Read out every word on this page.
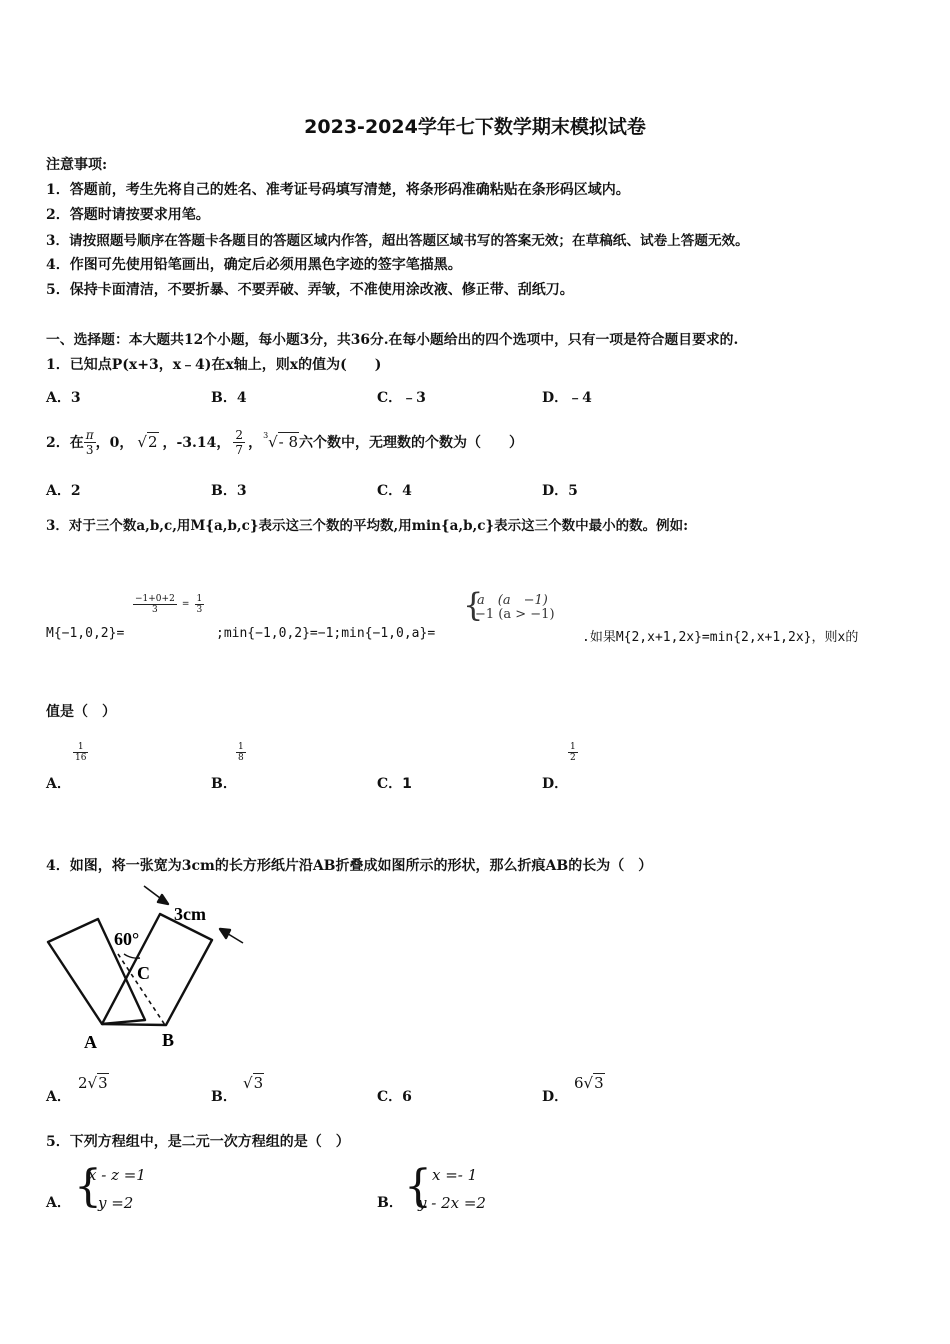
2023-2024学年七下数学期末模拟试卷
注意事项:
1．答题前，考生先将自己的姓名、准考证号码填写清楚，将条形码准确粘贴在条形码区域内。
2．答题时请按要求用笔。
3．请按照题号顺序在答题卡各题目的答题区域内作答，超出答题区域书写的答案无效；在草稿纸、试卷上答题无效。
4．作图可先使用铅笔画出，确定后必须用黑色字迹的签字笔描黑。
5．保持卡面清洁，不要折暴、不要弄破、弄皱，不准使用涂改液、修正带、刮纸刀。
一、选择题：本大题共12个小题，每小题3分，共36分.在每小题给出的四个选项中，只有一项是符合题目要求的.
1．已知点P(x+3，x﹣4)在x轴上，则x的值为(　　)
A．3	B．4	C．﹣3	D．﹣4
2．在 $\frac{\pi}{3}$ ，0， √2 ，-3.14， $\frac{2}{7}$ ， 3 √- 8 六个数中，无理数的个数为（　　）
A．2	B．3	C．4	D．5
3．对于三个数a,b,c,用M{a,b,c}表示这三个数的平均数,用min{a,b,c}表示这三个数中最小的数。例如:
M{−1,0,2}=
$\frac{-1+0+2}{3} = \frac{1}{3}$
;min{−1,0,2}=−1;min{−1,0,a}=
{
a　(a　−1)
−1 (a > −1)
.如果M{2,x+1,2x}=min{2,x+1,2x}，则x的
值是（　）
A．
$\frac{1}{16}$
B．
$\frac{1}{8}$
C．1	D．
$\frac{1}{2}$
4．如图，将一张宽为3cm的长方形纸片沿AB折叠成如图所示的形状，那么折痕AB的长为（　）
3cm
60°
C
A	B
A．
2√3
B．
√3
C．6	D．
6√3
5．下列方程组中，是二元一次方程组的是（　）
A． {
x - z =1
y =2	B． { x =- 1
y - 2x =2
